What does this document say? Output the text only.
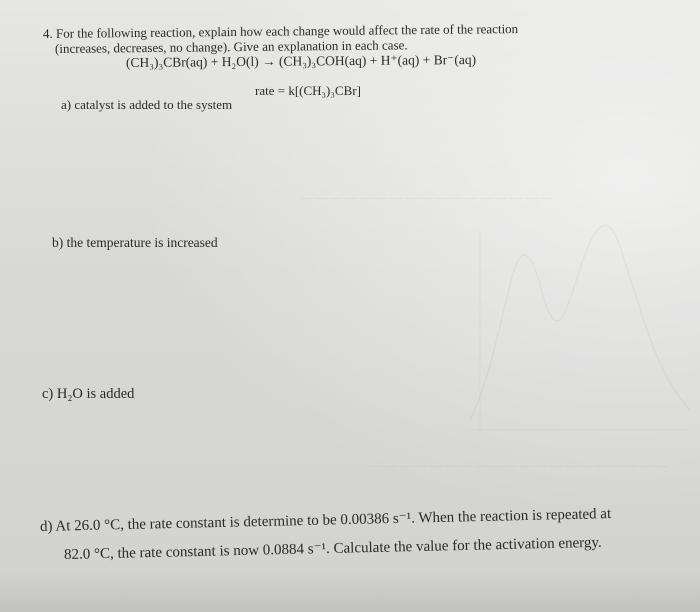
— — — — — — — — — — — — — — — — —
— — — — — — — — — — — — — — — — — — — —
4. For the following reaction, explain how each change would affect the rate of the reaction
(increases, decreases, no change). Give an explanation in each case.
(CH₃)₃CBr(aq) + H₂O(l) → (CH₃)₃COH(aq) + H⁺(aq) + Br⁻(aq)
rate = k[(CH₃)₃CBr]
a) catalyst is added to the system
b) the temperature is increased
c) H₂O is added
d) At 26.0 °C, the rate constant is determine to be 0.00386 s⁻¹. When the reaction is repeated at
82.0 °C, the rate constant is now 0.0884 s⁻¹. Calculate the value for the activation energy.
